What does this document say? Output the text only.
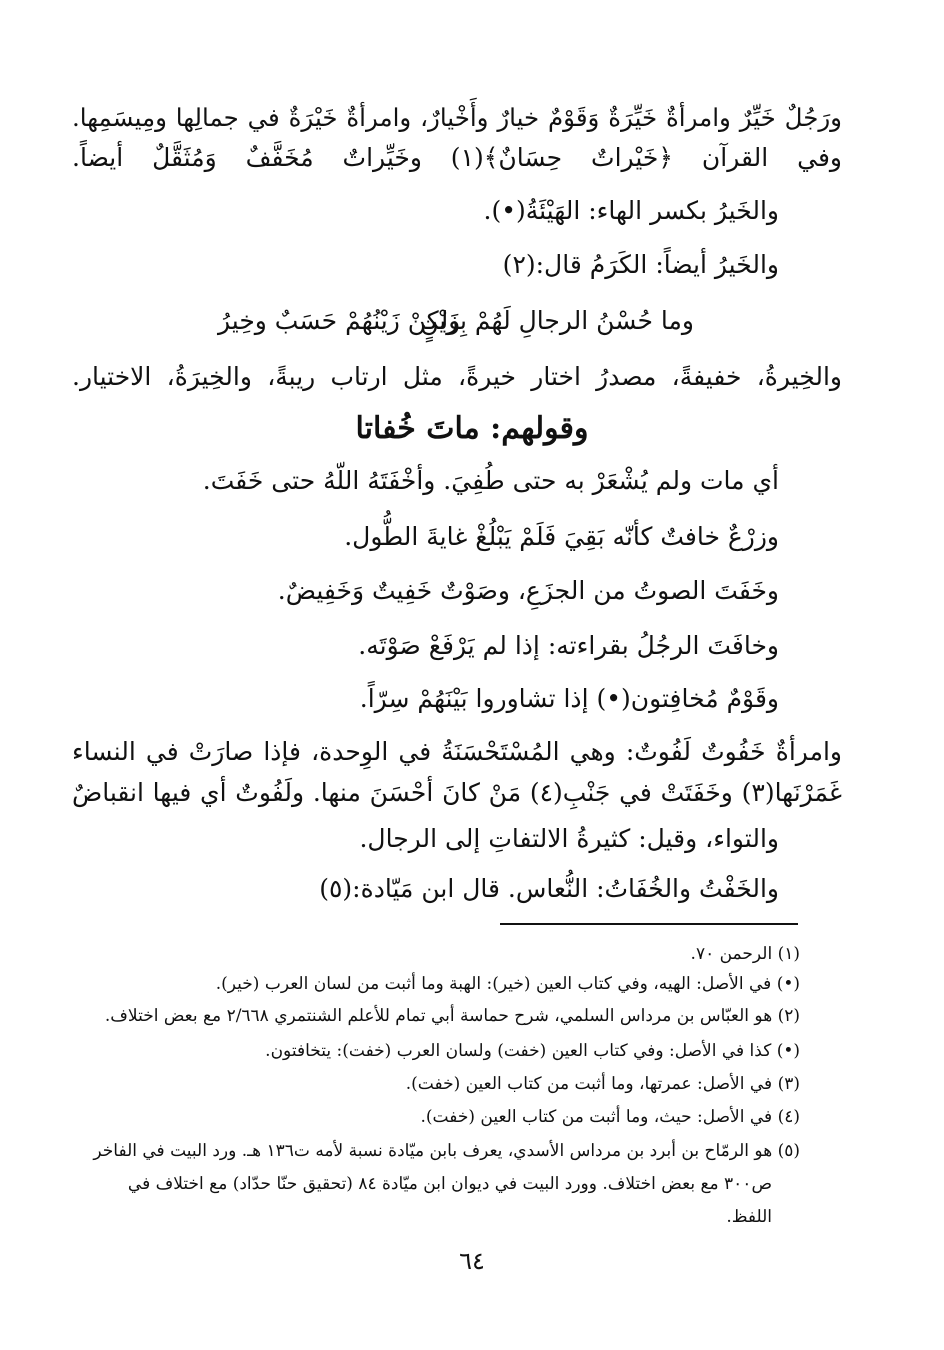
ورَجُلٌ خَيِّرٌ وامرأةٌ خَيِّرَةٌ وَقَوْمٌ خيارٌ وأَخْيارٌ، وامرأةٌ خَيْرَةٌ في جمالِها ومِيسَمِها.
وفي القرآن ﴿خَيْراتٌ حِسَانٌ﴾(١) وخَيِّراتٌ مُخَفَّفٌ وَمُثَقَّلٌ أيضاً.
والخَيرُ بكسر الهاء: الهَيْئَةُ(•).
والخَيرُ أيضاً: الكَرَمُ قال:(٢)
وما حُسْنُ الرجالِ لَهُمْ بِزَيْنٍ
ولكنْ زَيْنُهُمْ حَسَبٌ وخِيرُ
والخِيرةُ، خفيفةً، مصدرُ اختار خيرةً، مثل ارتاب ريبةً، والخِيرَةُ، الاختيار.
وقولهم: ماتَ خُفاتا
أي مات ولم يُشْعَرْ به حتى طُفِيَ. وأخْفَتَهُ اللّهُ حتى خَفَتَ.
وزرْعٌ خافتٌ كأنّه بَقِيَ فَلَمْ يَبْلُغْ غايةَ الطُّول.
وخَفَتَ الصوتُ من الجزَعِ، وصَوْتٌ خَفِيتٌ وَخَفِيضٌ.
وخافَتَ الرجُلُ بقراءته: إذا لم يَرْفَعْ صَوْتَه.
وقَوْمٌ مُخافِتون(•) إذا تشاوروا بَيْنَهُمْ سِرّاً.
وامرأةٌ خَفُوتٌ لَفُوتٌ: وهي المُسْتَحْسَنَةُ في الوِحدة، فإذا صارَتْ في النساء
غَمَرْنَها(٣) وخَفَتَتْ في جَنْبِ(٤) مَنْ كانَ أحْسَنَ منها. ولَفُوتٌ أي فيها انقباضٌ
والتواء، وقيل: كثيرةُ الالتفاتِ إلى الرجال.
والخَفْتُ والخُفَاتُ: النُّعاس. قال ابن مَيّادة:(٥)
(١) الرحمن ٧٠.
(•) في الأصل: الهيه، وفي كتاب العين (خير): الهبة وما أثبت من لسان العرب (خير).
(٢) هو العبّاس بن مرداس السلمي، شرح حماسة أبي تمام للأعلم الشنتمري ٢/٦٦٨ مع بعض اختلاف.
(•) كذا في الأصل: وفي كتاب العين (خفت) ولسان العرب (خفت): يتخافتون.
(٣) في الأصل: عمرتها، وما أثبت من كتاب العين (خفت).
(٤) في الأصل: حيث، وما أثبت من كتاب العين (خفت).
(٥) هو الرمّاح بن أبرد بن مرداس الأسدي، يعرف بابن ميّادة نسبة لأمه ت١٣٦ هـ. ورد البيت في الفاخر
ص٣٠٠ مع بعض اختلاف. وورد البيت في ديوان ابن ميّادة ٨٤ (تحقيق حنّا حدّاد) مع اختلاف في
اللفظ.
٦٤
